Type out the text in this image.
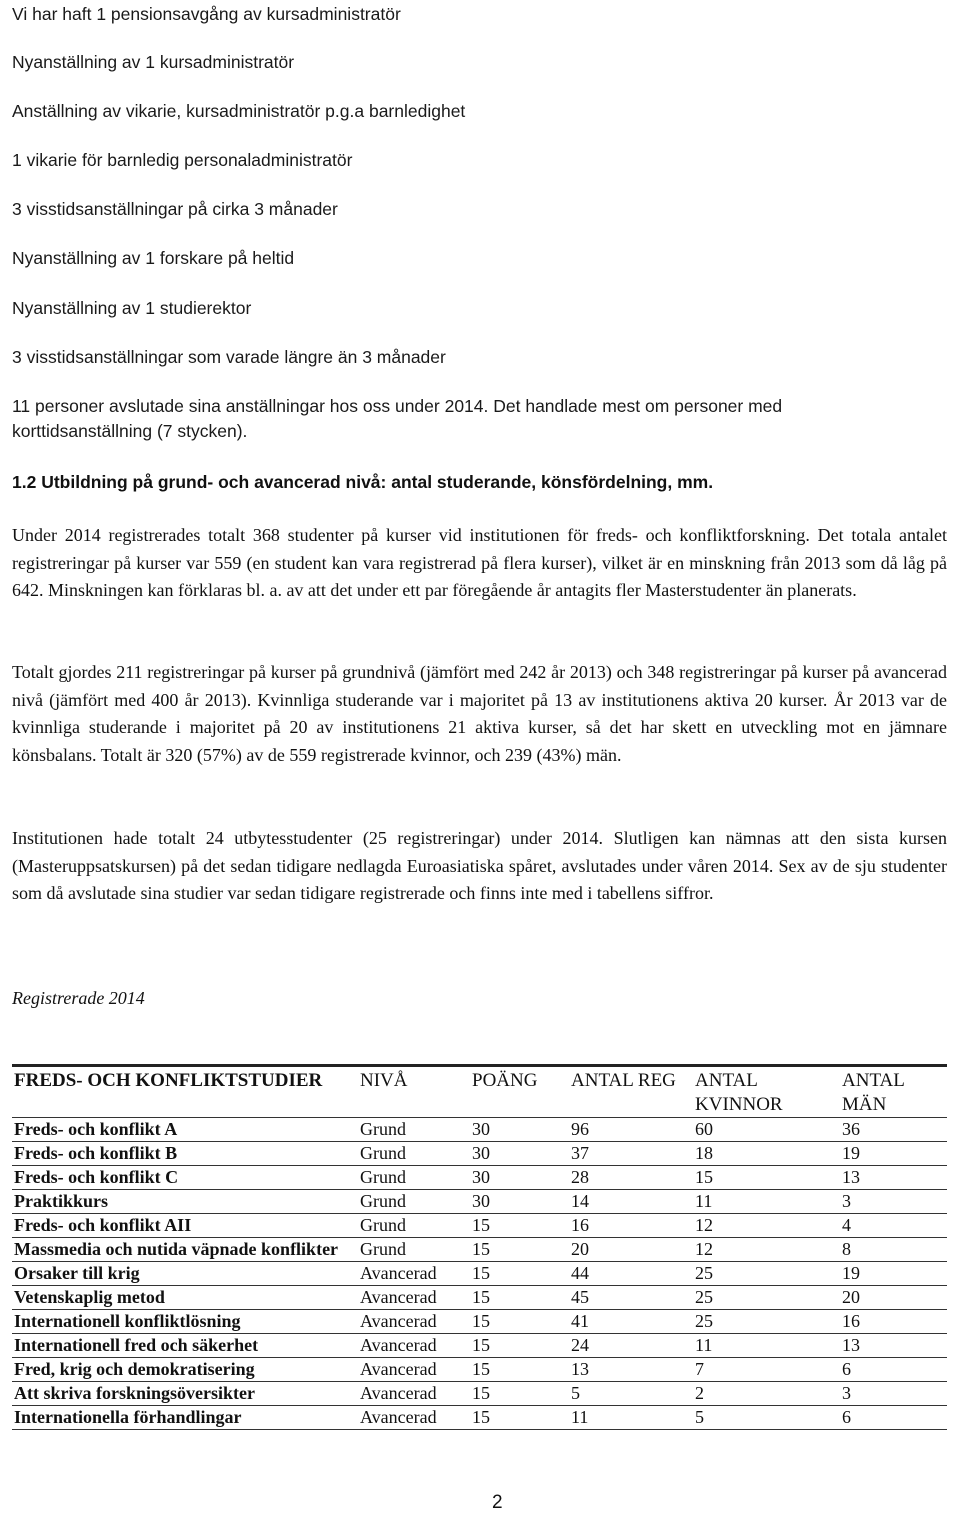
Vi har haft 1 pensionsavgång av kursadministratör
Nyanställning av 1 kursadministratör
Anställning av vikarie, kursadministratör p.g.a barnledighet
1 vikarie för barnledig personaladministratör
3 visstidsanställningar på cirka 3 månader
Nyanställning av 1 forskare på heltid
Nyanställning av 1 studierektor
3 visstidsanställningar som varade längre än 3 månader
11 personer avslutade sina anställningar hos oss under 2014. Det handlade mest om personer med
korttidsanställning (7 stycken).
1.2 Utbildning på grund- och avancerad nivå: antal studerande, könsfördelning, mm.

Under 2014 registrerades totalt 368 studenter på kurser vid institutionen för freds- och konfliktforskning. Det totala antalet registreringar på kurser var 559 (en student kan vara registrerad på flera kurser), vilket är en minskning från 2013 som då låg på 642. Minskningen kan förklaras bl. a. av att det under ett par föregående år antagits fler Masterstudenter än planerats.

Totalt gjordes 211 registreringar på kurser på grundnivå (jämfört med 242 år 2013) och 348 registreringar på kurser på avancerad nivå (jämfört med 400 år 2013). Kvinnliga studerande var i majoritet på 13 av institutionens aktiva 20 kurser. År 2013 var de kvinnliga studerande i majoritet på 20 av institutionens 21 aktiva kurser, så det har skett en utveckling mot en jämnare könsbalans. Totalt är 320 (57%) av de 559 registrerade kvinnor, och 239 (43%) män.

Institutionen hade totalt 24 utbytesstudenter (25 registreringar) under 2014. Slutligen kan nämnas att den sista kursen (Masteruppsatskursen) på det sedan tidigare nedlagda Euroasiatiska spåret, avslutades under våren 2014. Sex av de sju studenter som då avslutade sina studier var sedan tidigare registrerade och finns inte med i tabellens siffror.

Registrerade 2014
FREDS- OCH KONFLIKTSTUDIER	NIVÅ	POÄNG	ANTAL REG	ANTAL KVINNOR	ANTAL MÄN
Freds- och konflikt A	Grund	30	96	60	36
Freds- och konflikt B	Grund	30	37	18	19
Freds- och konflikt C	Grund	30	28	15	13
Praktikkurs	Grund	30	14	11	3
Freds- och konflikt AII	Grund	15	16	12	4
Massmedia och nutida väpnade konflikter	Grund	15	20	12	8
Orsaker till krig	Avancerad	15	44	25	19
Vetenskaplig metod	Avancerad	15	45	25	20
Internationell konfliktlösning	Avancerad	15	41	25	16
Internationell fred och säkerhet	Avancerad	15	24	11	13
Fred, krig och demokratisering	Avancerad	15	13	7	6
Att skriva forskningsöversikter	Avancerad	15	5	2	3
Internationella förhandlingar	Avancerad	15	11	5	6
2
